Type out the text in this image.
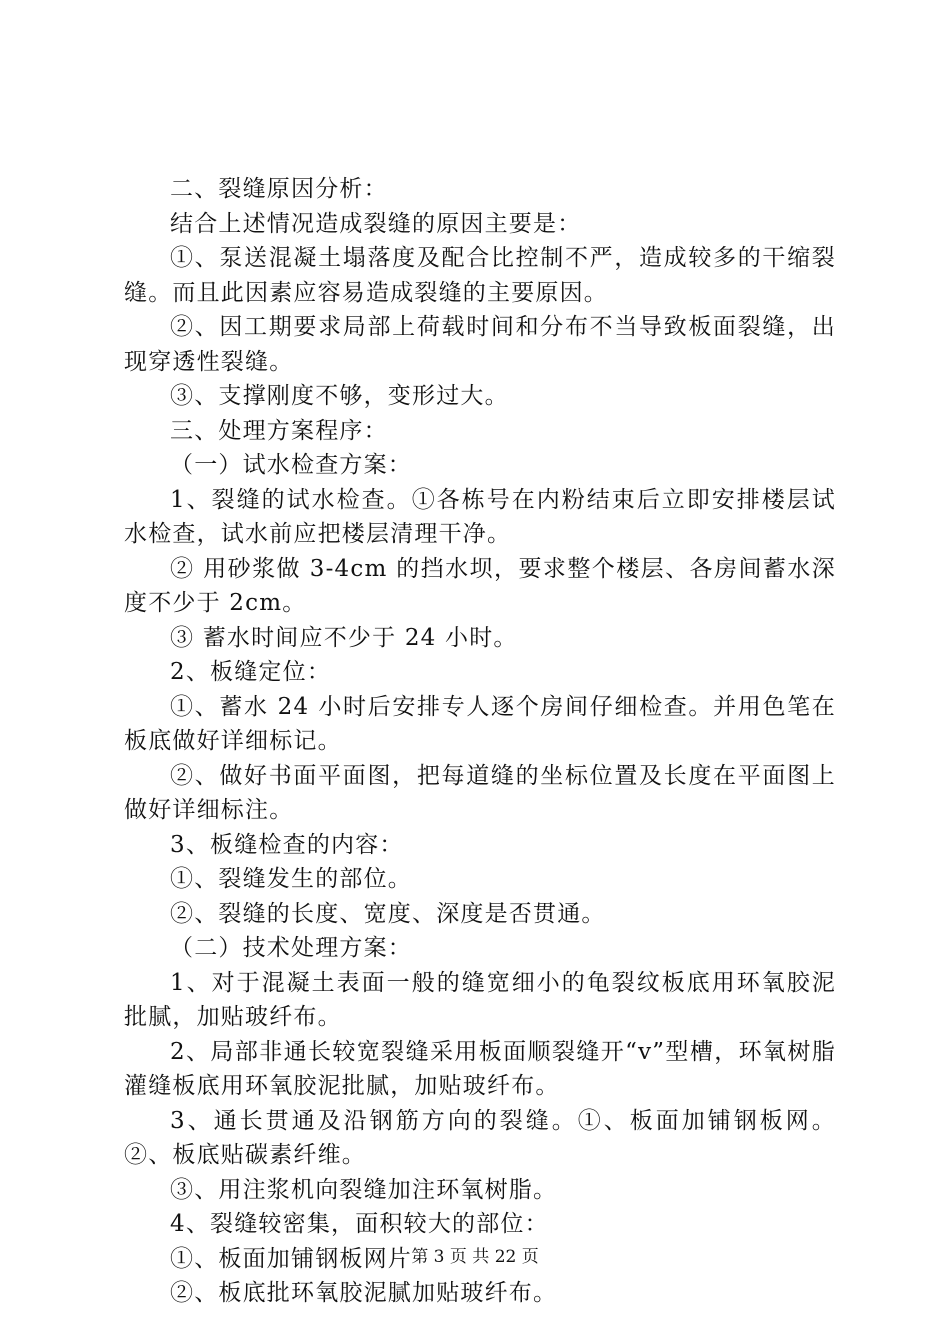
二、裂缝原因分析：

结合上述情况造成裂缝的原因主要是：

①、泵送混凝土塌落度及配合比控制不严，造成较多的干缩裂缝。而且此因素应容易造成裂缝的主要原因。

②、因工期要求局部上荷载时间和分布不当导致板面裂缝，出现穿透性裂缝。

③、支撑刚度不够，变形过大。

三、处理方案程序：

（一）试水检查方案：

1、裂缝的试水检查。①各栋号在内粉结束后立即安排楼层试水检查，试水前应把楼层清理干净。

② 用砂浆做 3-4cm 的挡水坝，要求整个楼层、各房间蓄水深度不少于 2cm。

③ 蓄水时间应不少于 24 小时。

2、板缝定位：

①、蓄水 24 小时后安排专人逐个房间仔细检查。并用色笔在板底做好详细标记。

②、做好书面平面图，把每道缝的坐标位置及长度在平面图上做好详细标注。

3、板缝检查的内容：

①、裂缝发生的部位。

②、裂缝的长度、宽度、深度是否贯通。

（二）技术处理方案：

1、对于混凝土表面一般的缝宽细小的龟裂纹板底用环氧胶泥批腻，加贴玻纤布。

2、局部非通长较宽裂缝采用板面顺裂缝开“v”型槽，环氧树脂灌缝板底用环氧胶泥批腻，加贴玻纤布。

3、通长贯通及沿钢筋方向的裂缝。①、板面加铺钢板网。②、板底贴碳素纤维。

③、用注浆机向裂缝加注环氧树脂。

4、裂缝较密集，面积较大的部位：

①、板面加铺钢板网片

②、板底批环氧胶泥腻加贴玻纤布。

第 3 页 共 22 页
